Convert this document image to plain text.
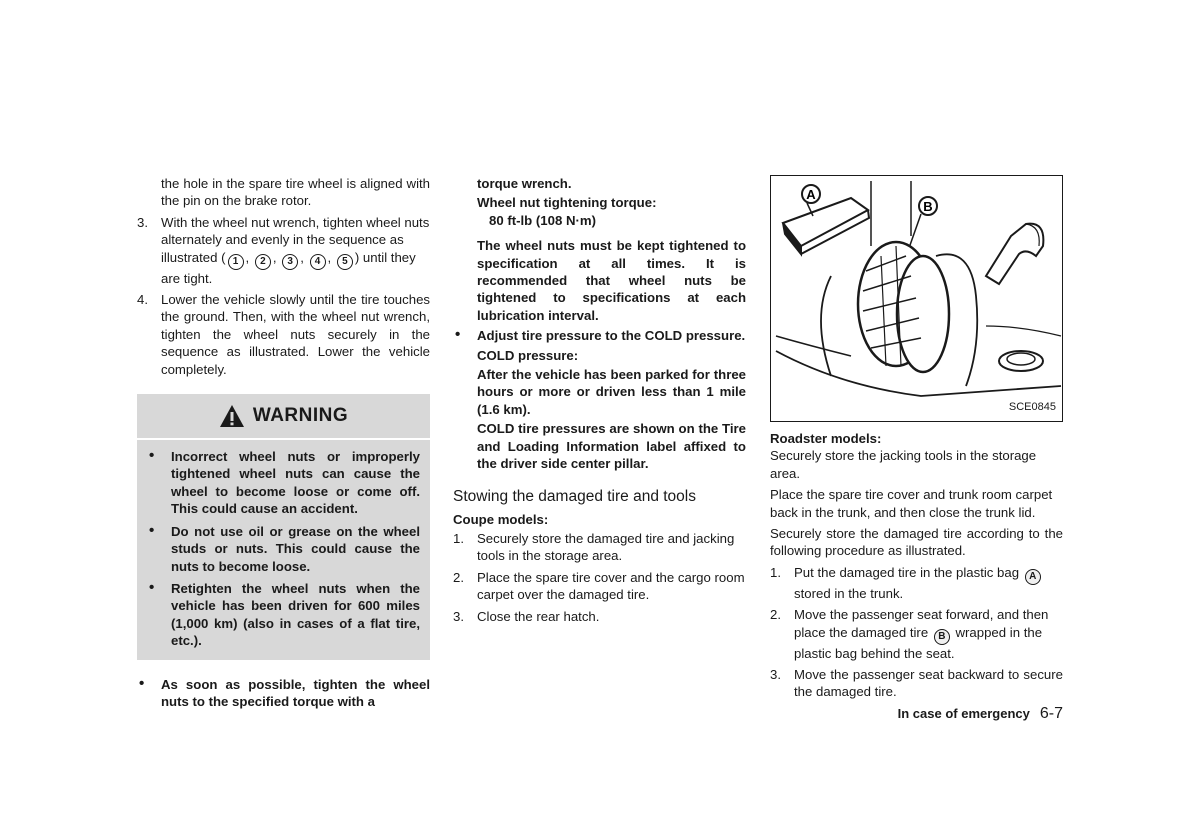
the hole in the spare tire wheel is aligned with the pin on the brake rotor.

3. With the wheel nut wrench, tighten wheel nuts alternately and evenly in the sequence as illustrated ( 1 , 2 , 3 , 4 , 5 ) until they are tight.
4. Lower the vehicle slowly until the tire touches the ground. Then, with the wheel nut wrench, tighten the wheel nuts securely in the sequence as illustrated. Lower the vehicle completely.
WARNING
• Incorrect wheel nuts or improperly tightened wheel nuts can cause the wheel to become loose or come off. This could cause an accident.
• Do not use oil or grease on the wheel studs or nuts. This could cause the nuts to become loose.
• Retighten the wheel nuts when the vehicle has been driven for 600 miles (1,000 km) (also in cases of a flat tire, etc.).
• As soon as possible, tighten the wheel nuts to the specified torque with a

torque wrench.

Wheel nut tightening torque:

80 ft-lb (108 N·m)

The wheel nuts must be kept tightened to specification at all times. It is recommended that wheel nuts be tightened to specifications at each lubrication interval.

• Adjust tire pressure to the COLD pressure.

COLD pressure:

After the vehicle has been parked for three hours or more or driven less than 1 mile (1.6 km).

COLD tire pressures are shown on the Tire and Loading Information label affixed to the driver side center pillar.

Stowing the damaged tire and tools

Coupe models:

1. Securely store the damaged tire and jacking tools in the storage area.
2. Place the spare tire cover and the cargo room carpet over the damaged tire.
3. Close the rear hatch.
A
B
SCE0845

Roadster models:

Securely store the jacking tools in the storage area.

Place the spare tire cover and trunk room carpet back in the trunk, and then close the trunk lid.

Securely store the damaged tire according to the following procedure as illustrated.

1. Put the damaged tire in the plastic bag A stored in the trunk.
2. Move the passenger seat forward, and then place the damaged tire B wrapped in the plastic bag behind the seat.
3. Move the passenger seat backward to secure the damaged tire.
In case of emergency 6-7
